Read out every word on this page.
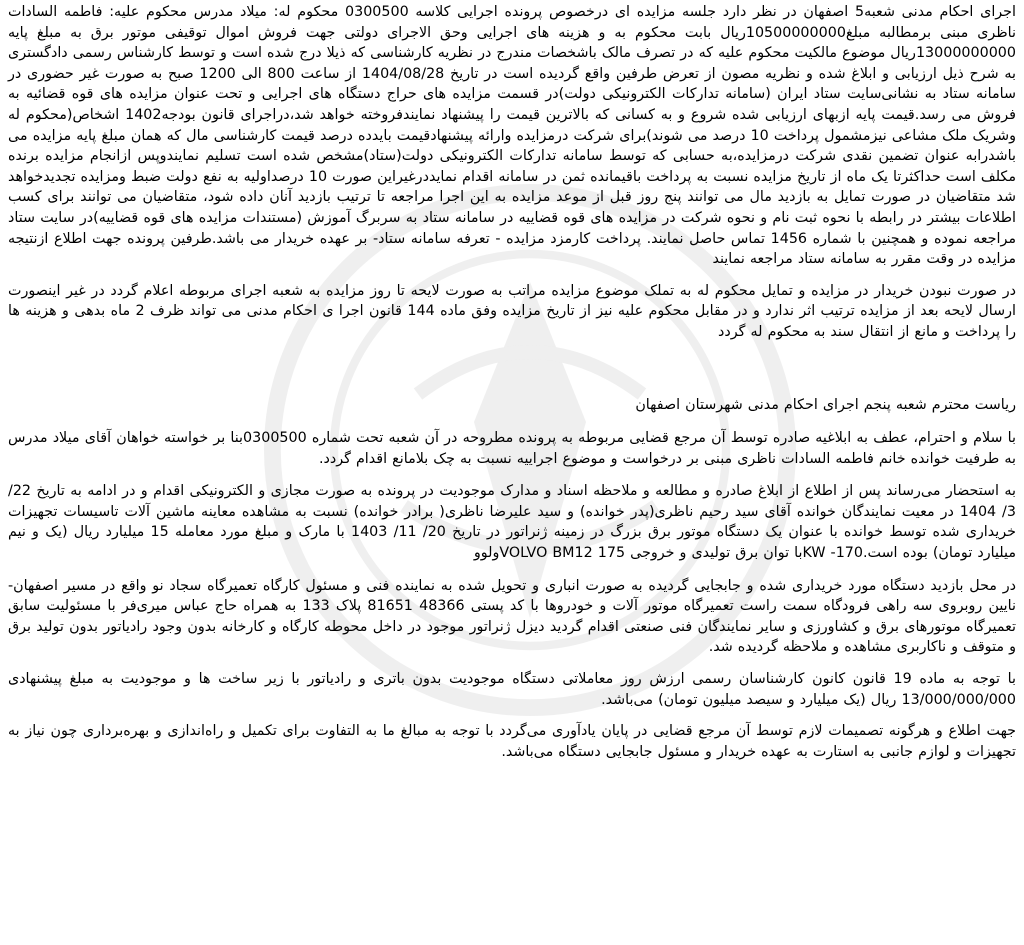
اجرای احکام مدنی شعبه5 اصفهان در نظر دارد جلسه مزایده ای درخصوص پرونده اجرایی کلاسه 0300500 محکوم له: میلاد مدرس محکوم علیه: فاطمه السادات ناظری مبنی برمطالبه مبلغ10500000000ریال بابت محکوم به و هزینه های اجرایی وحق الاجرای دولتی جهت فروش اموال توقیفی موتور برق به مبلغ پایه 13000000000ریال موضوع مالکیت محکوم علیه که در تصرف مالک باشخصات مندرج در نظریه کارشناسی که ذیلا درج شده است و توسط کارشناس رسمی دادگستری به شرح ذیل ارزیابی و ابلاغ شده و نظریه مصون از تعرض طرفین واقع گردیده است در تاریخ 1404/08/28 از ساعت 800 الی 1200 صبح به صورت غیر حضوری در سامانه ستاد به نشانی‌سایت ستاد ایران (سامانه تدارکات الکترونیکی دولت)در قسمت مزایده های حراج دستگاه های اجرایی و تحت عنوان مزایده های قوه قضائیه به فروش می رسد.قیمت پایه ازبهای ارزیابی شده شروع و به کسانی که بالاترین قیمت را پیشنهاد نمایندفروخته خواهد شد،دراجرای قانون بودجه1402 اشخاص(محکوم له وشریک ملک مشاعی نیزمشمول پرداخت 10 درصد می شوند)برای شرکت درمزایده وارائه پیشنهادقیمت بایدده درصد قیمت کارشناسی مال که همان مبلغ پایه مزایده می باشدرابه عنوان تضمین نقدی شرکت درمزایده،به حسابی که توسط سامانه تدارکات الکترونیکی دولت(ستاد)مشخص شده است تسلیم نمایندوپس ازانجام مزایده برنده مکلف است حداکثرتا یک ماه از تاریخ مزایده نسبت به پرداخت باقیمانده ثمن در سامانه اقدام نمایددرغیراین صورت 10 درصداولیه به نفع دولت ضبط ومزایده تجدیدخواهد شد متقاضیان در صورت تمایل به بازدید مال می توانند پنج روز قبل از موعد مزایده به این اجرا مراجعه تا ترتیب بازدید آنان داده شود، متقاضیان می توانند برای کسب اطلاعات بیشتر در رابطه با نحوه ثبت نام و نحوه شرکت در مزایده های قوه قضاییه در سامانه ستاد به سربرگ آموزش (مستندات مزایده های قوه قضاییه)در سایت ستاد مراجعه نموده و همچنین با شماره 1456 تماس حاصل نمایند. پرداخت کارمزد مزایده - تعرفه سامانه ستاد- بر عهده خریدار می باشد.طرفین پرونده جهت اطلاع ازنتیجه مزایده در وقت مقرر به سامانه ستاد مراجعه نمایند

در صورت نبودن خریدار در مزایده و تمایل محکوم له به تملک موضوع مزایده مراتب به صورت لایحه تا روز مزایده به شعبه اجرای مربوطه اعلام گردد در غیر اینصورت ارسال لایحه بعد از مزایده ترتیب اثر ندارد و در مقابل محکوم علیه نیز از تاریخ مزایده وفق ماده 144 قانون اجرا ی احکام مدنی می تواند ظرف 2 ماه بدهی و هزینه ها را پرداخت و مانع از انتقال سند به محکوم له گردد

ریاست محترم شعبه پنجم اجرای احکام مدنی شهرستان اصفهان

با سلام و احترام، عطف به ابلاغیه صادره توسط آن مرجع قضایی مربوطه به پرونده مطروحه در آن شعبه تحت شماره 0300500بنا بر خواسته خواهان آقای میلاد مدرس به طرفیت خوانده خانم فاطمه السادات ناظری مبنی بر درخواست و موضوع اجراییه نسبت به چک بلامانع اقدام گردد.

به استحضار می‌رساند پس از اطلاع از ابلاغ صادره و مطالعه و ملاحظه اسناد و مدارک موجودیت در پرونده به صورت مجازی و الکترونیکی اقدام و در ادامه به تاریخ 22/ 3/ 1404 در معیت نمایندگان خوانده آقای سید رحیم ناظری(پدر خوانده) و سید علیرضا ناظری( برادر خوانده) نسبت به مشاهده معاینه ماشین آلات تاسیسات تجهیزات خریداری شده توسط خوانده با عنوان یک دستگاه موتور برق بزرگ در زمینه ژنراتور در تاریخ 20/ 11/ 1403 با مارک و مبلغ مورد معامله 15 میلیارد ریال (یک و نیم میلیارد تومان) بوده است.170- KWبا توان برق تولیدی و خروجی VOLVO BM12 175ولوو

در محل بازدید دستگاه مورد خریداری شده و جابجایی گردیده به صورت انباری و تحویل شده به نماینده فنی و مسئول کارگاه تعمیرگاه سجاد نو واقع در مسیر اصفهان- نایین روبروی سه راهی فرودگاه سمت راست تعمیرگاه موتور آلات و خودروها با کد پستی 48366 81651 پلاک 133 به همراه حاج عباس میری‌فر با مسئولیت سابق تعمیرگاه موتورهای برق و کشاورزی و سایر نمایندگان فنی صنعتی اقدام گردید دیزل ژنراتور موجود در داخل محوطه کارگاه و کارخانه بدون وجود رادیاتور بدون تولید برق و متوقف و ناکاربری مشاهده و ملاحظه گردیده شد.

با توجه به ماده 19 قانون کانون کارشناسان رسمی ارزش روز معاملاتی دستگاه موجودیت بدون باتری و رادیاتور با زیر ساخت ها و موجودیت به مبلغ پیشنهادی 13/000/000/000 ریال (یک میلیارد و سیصد میلیون تومان) می‌باشد.

جهت اطلاع و هرگونه تصمیمات لازم توسط آن مرجع قضایی در پایان یادآوری می‌گردد با توجه به مبالغ ما به التفاوت برای تکمیل و راه‌اندازی و بهره‌برداری چون نیاز به تجهیزات و لوازم جانبی به استارت به عهده خریدار و مسئول جابجایی دستگاه می‌باشد.
